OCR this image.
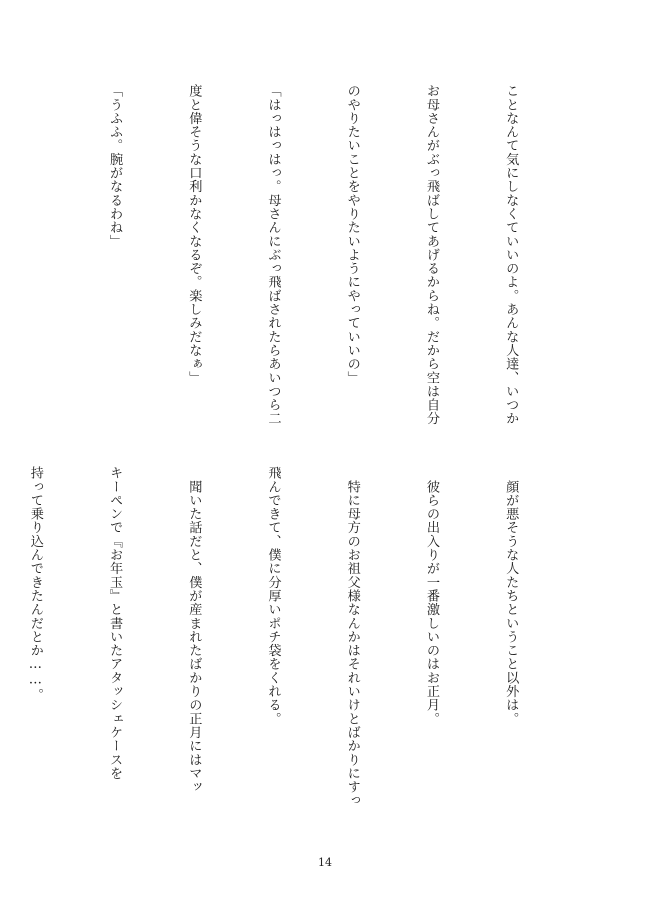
ことなんて気にしなくていいのよ。あんな人達、いつか

お母さんがぶっ飛ばしてあげるからね。だから空は自分

のやりたいことをやりたいようにやっていいの」

「はっはっはっ。母さんにぶっ飛ばされたらあいつら二

度と偉そうな口利かなくなるぞ。楽しみだなぁ」

「うふふ。腕がなるわね」

　顔が悪そうな人たちということ以外は。

　彼らの出入りが一番激しいのはお正月。

　特に母方のお祖父様なんかはそれいけとばかりにすっ

飛んできて、僕に分厚いポチ袋をくれる。

　聞いた話だと、僕が産まれたばかりの正月にはマッ

キーペンで『お年玉』と書いたアタッシェケースを

持って乗り込んできたんだとか……。

14
